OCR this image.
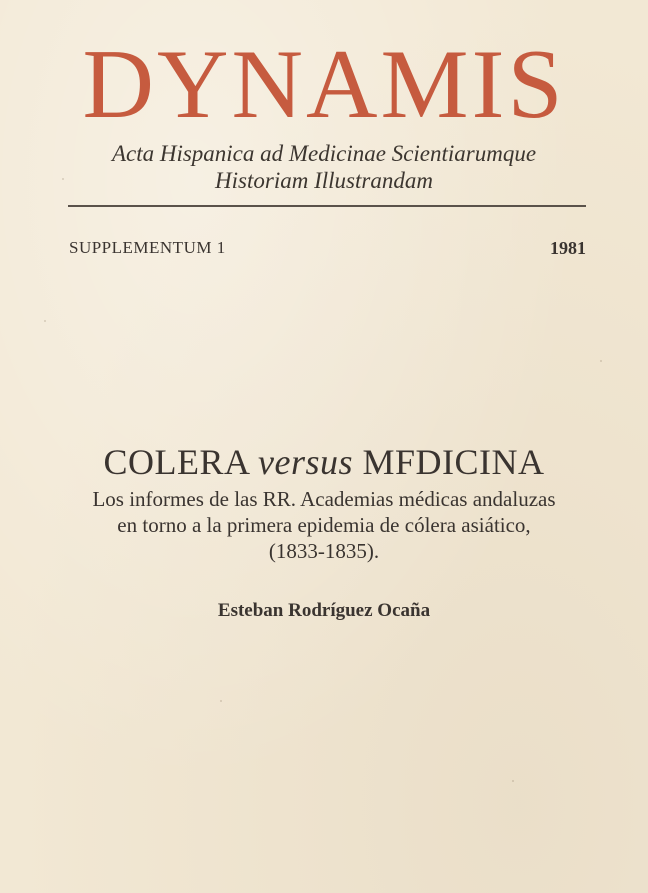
DYNAMIS
Acta Hispanica ad Medicinae Scientiarumque
Historiam Illustrandam
SUPPLEMENTUM 1	1981
COLERA versus MFDICINA
Los informes de las RR. Academias médicas andaluzas
en torno a la primera epidemia de cólera asiático,
(1833-1835).
Esteban Rodríguez Ocaña
